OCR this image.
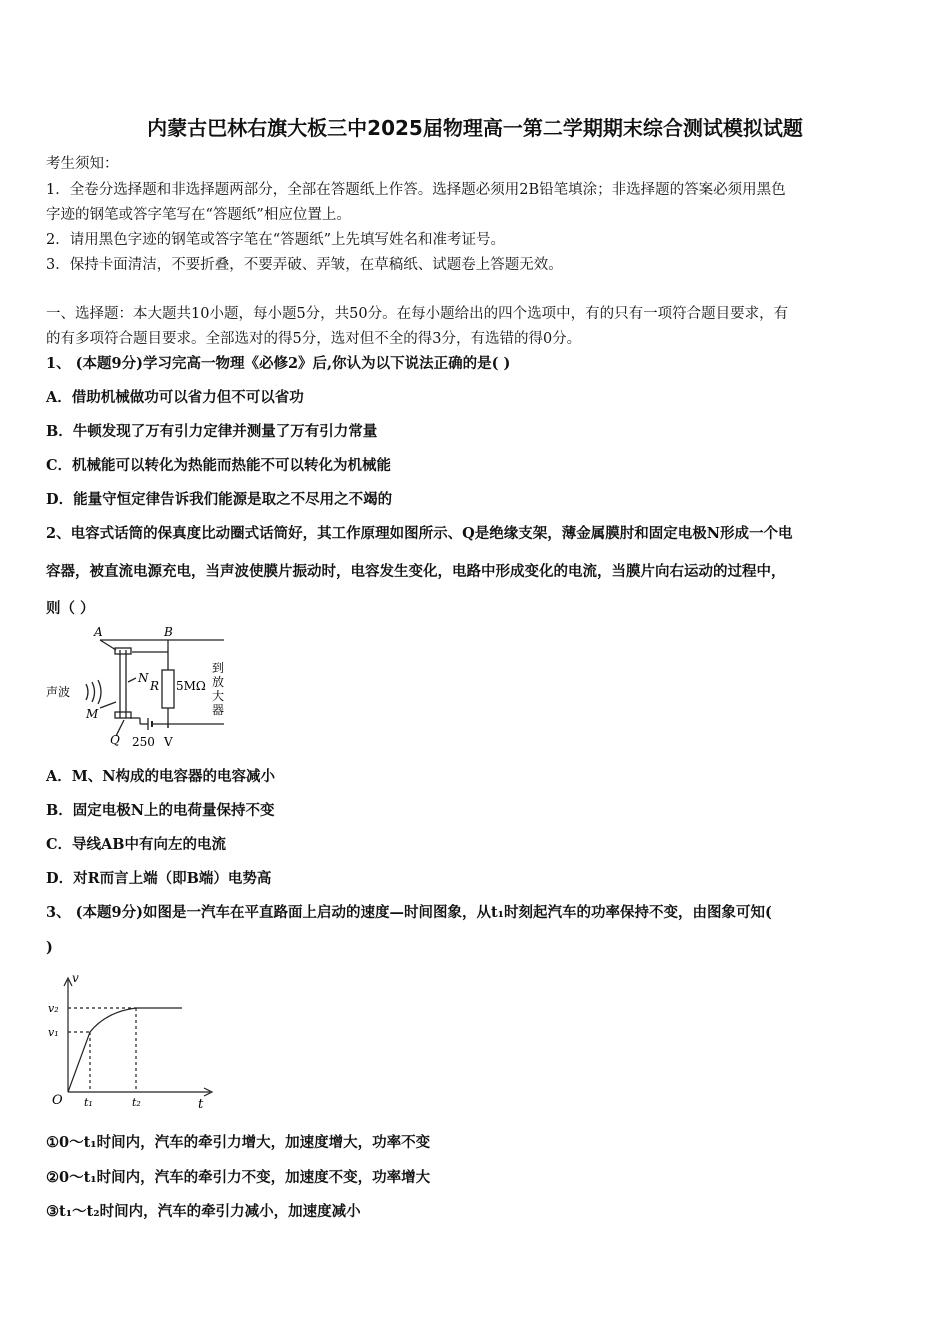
内蒙古巴林右旗大板三中2025届物理高一第二学期期末综合测试模拟试题
考生须知：
1．全卷分选择题和非选择题两部分，全部在答题纸上作答。选择题必须用2B铅笔填涂；非选择题的答案必须用黑色
字迹的钢笔或答字笔写在“答题纸”相应位置上。
2．请用黑色字迹的钢笔或答字笔在“答题纸”上先填写姓名和准考证号。
3．保持卡面清洁，不要折叠，不要弄破、弄皱，在草稿纸、试题卷上答题无效。
一、选择题：本大题共10小题，每小题5分，共50分。在每小题给出的四个选项中，有的只有一项符合题目要求，有
的有多项符合题目要求。全部选对的得5分，选对但不全的得3分，有选错的得0分。
1、 (本题9分)学习完高一物理《必修2》后,你认为以下说法正确的是( )
A．借助机械做功可以省力但不可以省功
B．牛顿发现了万有引力定律并测量了万有引力常量
C．机械能可以转化为热能而热能不可以转化为机械能
D．能量守恒定律告诉我们能源是取之不尽用之不竭的
2、电容式话筒的保真度比动圈式话筒好，其工作原理如图所示、Q是绝缘支架，薄金属膜肘和固定电极N形成一个电
容器，被直流电源充电，当声波使膜片振动时，电容发生变化，电路中形成变化的电流，当膜片向右运动的过程中，
则（ ）
A	B
N
R 5MΩ
声波
M
Q 250 V
到
放
大
器
A．M、N构成的电容器的电容减小
B．固定电极N上的电荷量保持不变
C．导线AB中有向左的电流
D．对R而言上端（即B端）电势高
3、 (本题9分)如图是一汽车在平直路面上启动的速度—时间图象，从t₁时刻起汽车的功率保持不变，由图象可知(
)
v
t
O
v₂
v₁
t₁	t₂
①0～t₁时间内，汽车的牵引力增大，加速度增大，功率不变
②0～t₁时间内，汽车的牵引力不变，加速度不变，功率增大
③t₁～t₂时间内，汽车的牵引力减小，加速度减小
